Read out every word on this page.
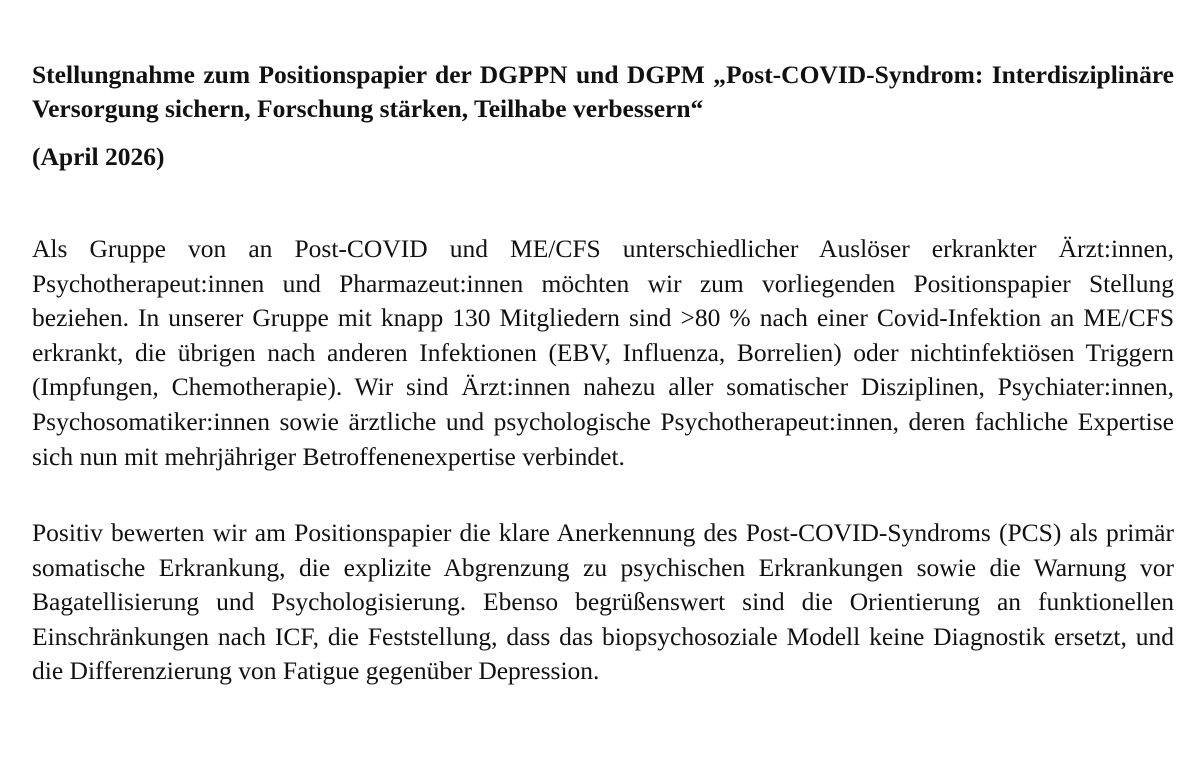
Stellungnahme zum Positionspapier der DGPPN und DGPM „Post-COVID-Syndrom: Interdisziplinäre Versorgung sichern, Forschung stärken, Teilhabe verbessern“

(April 2026)

Als Gruppe von an Post-COVID und ME/CFS unterschiedlicher Auslöser erkrankter Ärzt:innen, Psychotherapeut:innen und Pharmazeut:innen möchten wir zum vorliegenden Positionspapier Stellung beziehen. In unserer Gruppe mit knapp 130 Mitgliedern sind >80 % nach einer Covid-Infektion an ME/CFS erkrankt, die übrigen nach anderen Infektionen (EBV, Influenza, Borrelien) oder nichtinfektiösen Triggern (Impfungen, Chemotherapie). Wir sind Ärzt:innen nahezu aller somatischer Disziplinen, Psychiater:innen, Psychosomatiker:innen sowie ärztliche und psychologische Psychotherapeut:innen, deren fachliche Expertise sich nun mit mehrjähriger Betroffenenexpertise verbindet.

Positiv bewerten wir am Positionspapier die klare Anerkennung des Post-COVID-Syndroms (PCS) als primär somatische Erkrankung, die explizite Abgrenzung zu psychischen Erkrankungen sowie die Warnung vor Bagatellisierung und Psychologisierung. Ebenso begrüßenswert sind die Orientierung an funktionellen Einschränkungen nach ICF, die Feststellung, dass das biopsychosoziale Modell keine Diagnostik ersetzt, und die Differenzierung von Fatigue gegenüber Depression.
